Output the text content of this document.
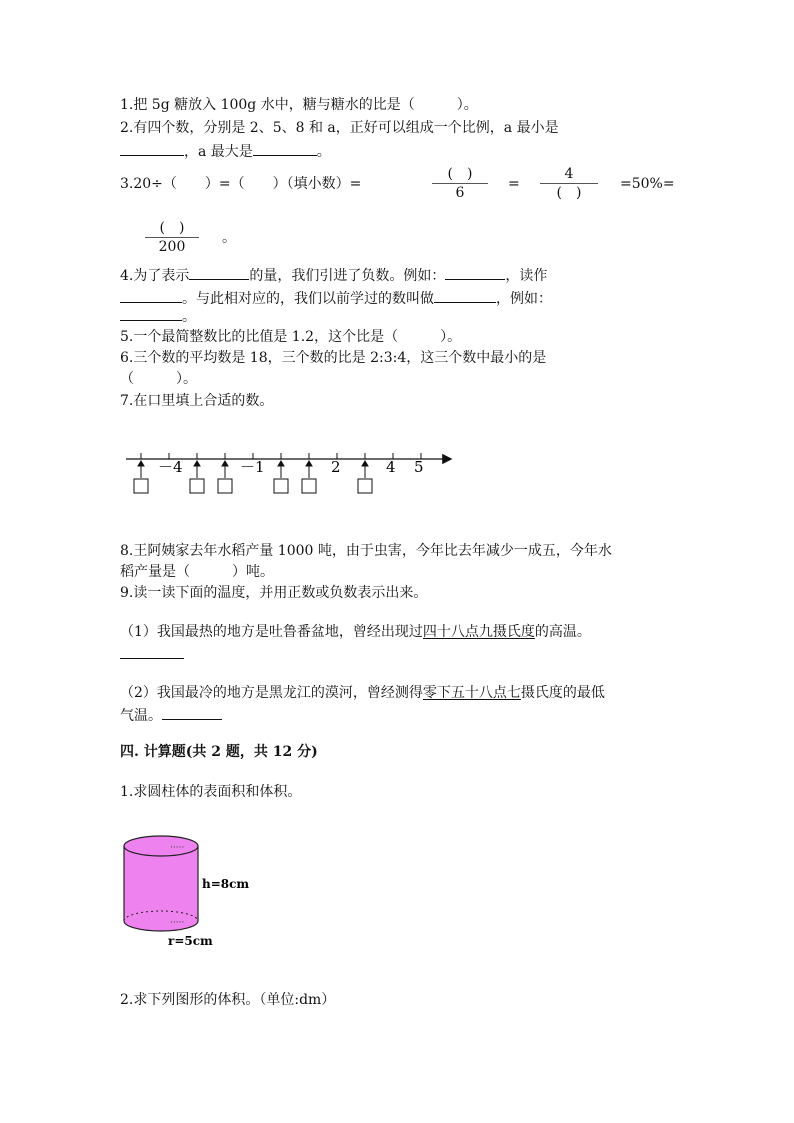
1.把 5g 糖放入 100g 水中，糖与糖水的比是（　　　）。
2.有四个数，分别是 2、5、8 和 a，正好可以组成一个比例，a 最小是
，a 最大是	。
3.20÷（　　）=（　　）（填小数）=
(　)
6
=
4
(　)
=50%=
(　)
200
。
4.为了表示	的量，我们引进了负数。例如：	，读作
。与此相对应的，我们以前学过的数叫做	，例如：
。
5.一个最简整数比的比值是 1.2，这个比是（　　　）。
6.三个数的平均数是 18，三个数的比是 2:3:4，这三个数中最小的是
（　　　）。
7.在口里填上合适的数。
－4	－1	2	4 5
8.王阿姨家去年水稻产量 1000 吨，由于虫害，今年比去年减少一成五，今年水
稻产量是（　　　）吨。
9.读一读下面的温度，并用正数或负数表示出来。
（1）我国最热的地方是吐鲁番盆地，曾经出现过四十八点九摄氏度的高温。
（2）我国最冷的地方是黑龙江的漠河，曾经测得零下五十八点七摄氏度的最低
气温。
四. 计算题(共 2 题，共 12 分)
1.求圆柱体的表面积和体积。
·····
·····
h=8cm
r=5cm
2.求下列图形的体积。（单位:dm）
